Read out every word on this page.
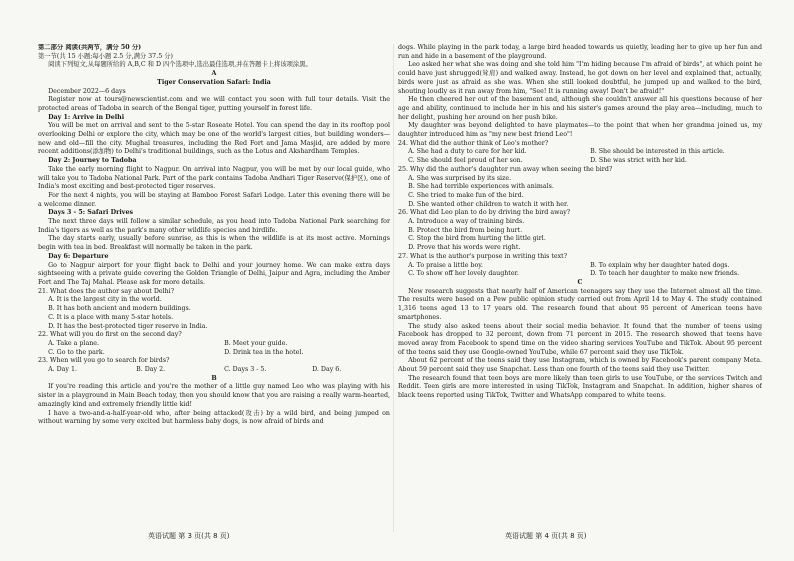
第二部分 阅读(共两节，满分 50 分)

第一节(共 15 小题;每小题 2.5 分,满分 37.5 分)

阅读下列短文,从每题所给的 A,B,C 和 D 四个选项中,选出最佳选项,并在答题卡上将该项涂黑。

A

Tiger Conservation Safari: India

December 2022—6 days

Register now at tours@newscientist.com and we will contact you soon with full tour details. Visit the protected areas of Tadoba in search of the Bengal tiger, putting yourself in forest life.

Day 1: Arrive in Delhi

You will be met on arrival and sent to the 5-star Roseate Hotel. You can spend the day in its rooftop pool overlooking Delhi or explore the city, which may be one of the world's largest cities, but building wonders—new and old—fill the city. Mughal treasures, including the Red Fort and Jama Masjid, are added by more recent additions(添加物) to Delhi's traditional buildings, such as the Lotus and Akshardham Temples.

Day 2: Journey to Tadoba

Take the early morning flight to Nagpur. On arrival into Nagpur, you will be met by our local guide, who will take you to Tadoba National Park. Part of the park contains Tadoba Andhari Tiger Reserve(保护区), one of India's most exciting and best-protected tiger reserves.

For the next 4 nights, you will be staying at Bamboo Forest Safari Lodge. Later this evening there will be a welcome dinner.

Days 3 - 5: Safari Drives

The next three days will follow a similar schedule, as you head into Tadoba National Park searching for India's tigers as well as the park's many other wildlife species and birdlife.

The day starts early, usually before sunrise, as this is when the wildlife is at its most active. Mornings begin with tea in bed. Breakfast will normally be taken in the park.

Day 6: Departure

Go to Nagpur airport for your flight back to Delhi and your journey home. We can make extra days sightseeing with a private guide covering the Golden Triangle of Delhi, Jaipur and Agra, including the Amber Fort and The Taj Mahal. Please ask for more details.

21. What does the author say about Delhi?

A. It is the largest city in the world.

B. It has both ancient and modern buildings.

C. It is a place with many 5-star hotels.

D. It has the best-protected tiger reserve in India.

22. What will you do first on the second day?

A. Take a plane.	B. Meet your guide.
C. Go to the park.	D. Drink tea in the hotel.

23. When will you go to search for birds?

A. Day 1.	B. Day 2.	C. Days 3 - 5.	D. Day 6.

B

If you're reading this article and you're the mother of a little guy named Leo who was playing with his sister in a playground in Main Beach today, then you should know that you are raising a really warm-hearted, amazingly kind and extremely friendly little kid!

I have a two-and-a-half-year-old who, after being attacked(攻击) by a wild bird, and being jumped on without warning by some very excited but harmless baby dogs, is now afraid of birds and

dogs. While playing in the park today, a large bird headed towards us quietly, leading her to give up her fun and run and hide in a basement of the playground.

Leo asked her what she was doing and she told him "I'm hiding because I'm afraid of birds", at which point he could have just shrugged(耸肩) and walked away. Instead, he got down on her level and explained that, actually, birds were just as afraid as she was. When she still looked doubtful, he jumped up and walked to the bird, shouting loudly as it ran away from him, "See! It is running away! Don't be afraid!"

He then cheered her out of the basement and, although she couldn't answer all his questions because of her age and ability, continued to include her in his and his sister's games around the play area—including, much to her delight, pushing her around on her push bike.

My daughter was beyond delighted to have playmates—to the point that when her grandma joined us, my daughter introduced him as "my new best friend Leo"!

24. What did the author think of Leo's mother?

A. She had a duty to care for her kid.	B. She should be interested in this article.
C. She should feel proud of her son.	D. She was strict with her kid.

25. Why did the author's daughter run away when seeing the bird?

A. She was surprised by its size.

B. She had terrible experiences with animals.

C. She tried to make fun of the bird.

D. She wanted other children to watch it with her.

26. What did Leo plan to do by driving the bird away?

A. Introduce a way of training birds.

B. Protect the bird from being hurt.

C. Stop the bird from hurting the little girl.

D. Prove that his words were right.

27. What is the author's purpose in writing this text?

A. To praise a little boy.	B. To explain why her daughter hated dogs.
C. To show off her lovely daughter.	D. To teach her daughter to make new friends.

C

New research suggests that nearly half of American teenagers say they use the Internet almost all the time. The results were based on a Pew public opinion study carried out from April 14 to May 4. The study contained 1,316 teens aged 13 to 17 years old. The research found that about 95 percent of American teens have smartphones.

The study also asked teens about their social media behavior. It found that the number of teens using Facebook has dropped to 32 percent, down from 71 percent in 2015. The research showed that teens have moved away from Facebook to spend time on the video sharing services YouTube and TikTok. About 95 percent of the teens said they use Google-owned YouTube, while 67 percent said they use TikTok.

About 62 percent of the teens said they use Instagram, which is owned by Facebook's parent company Meta. About 59 percent said they use Snapchat. Less than one fourth of the teens said they use Twitter.

The research found that teen boys are more likely than teen girls to use YouTube, or the services Twitch and Reddit. Teen girls are more interested in using TikTok, Instagram and Snapchat. In addition, higher shares of black teens reported using TikTok, Twitter and WhatsApp compared to white teens.

英语试题 第 3 页(共 8 页)	英语试题 第 4 页(共 8 页)
